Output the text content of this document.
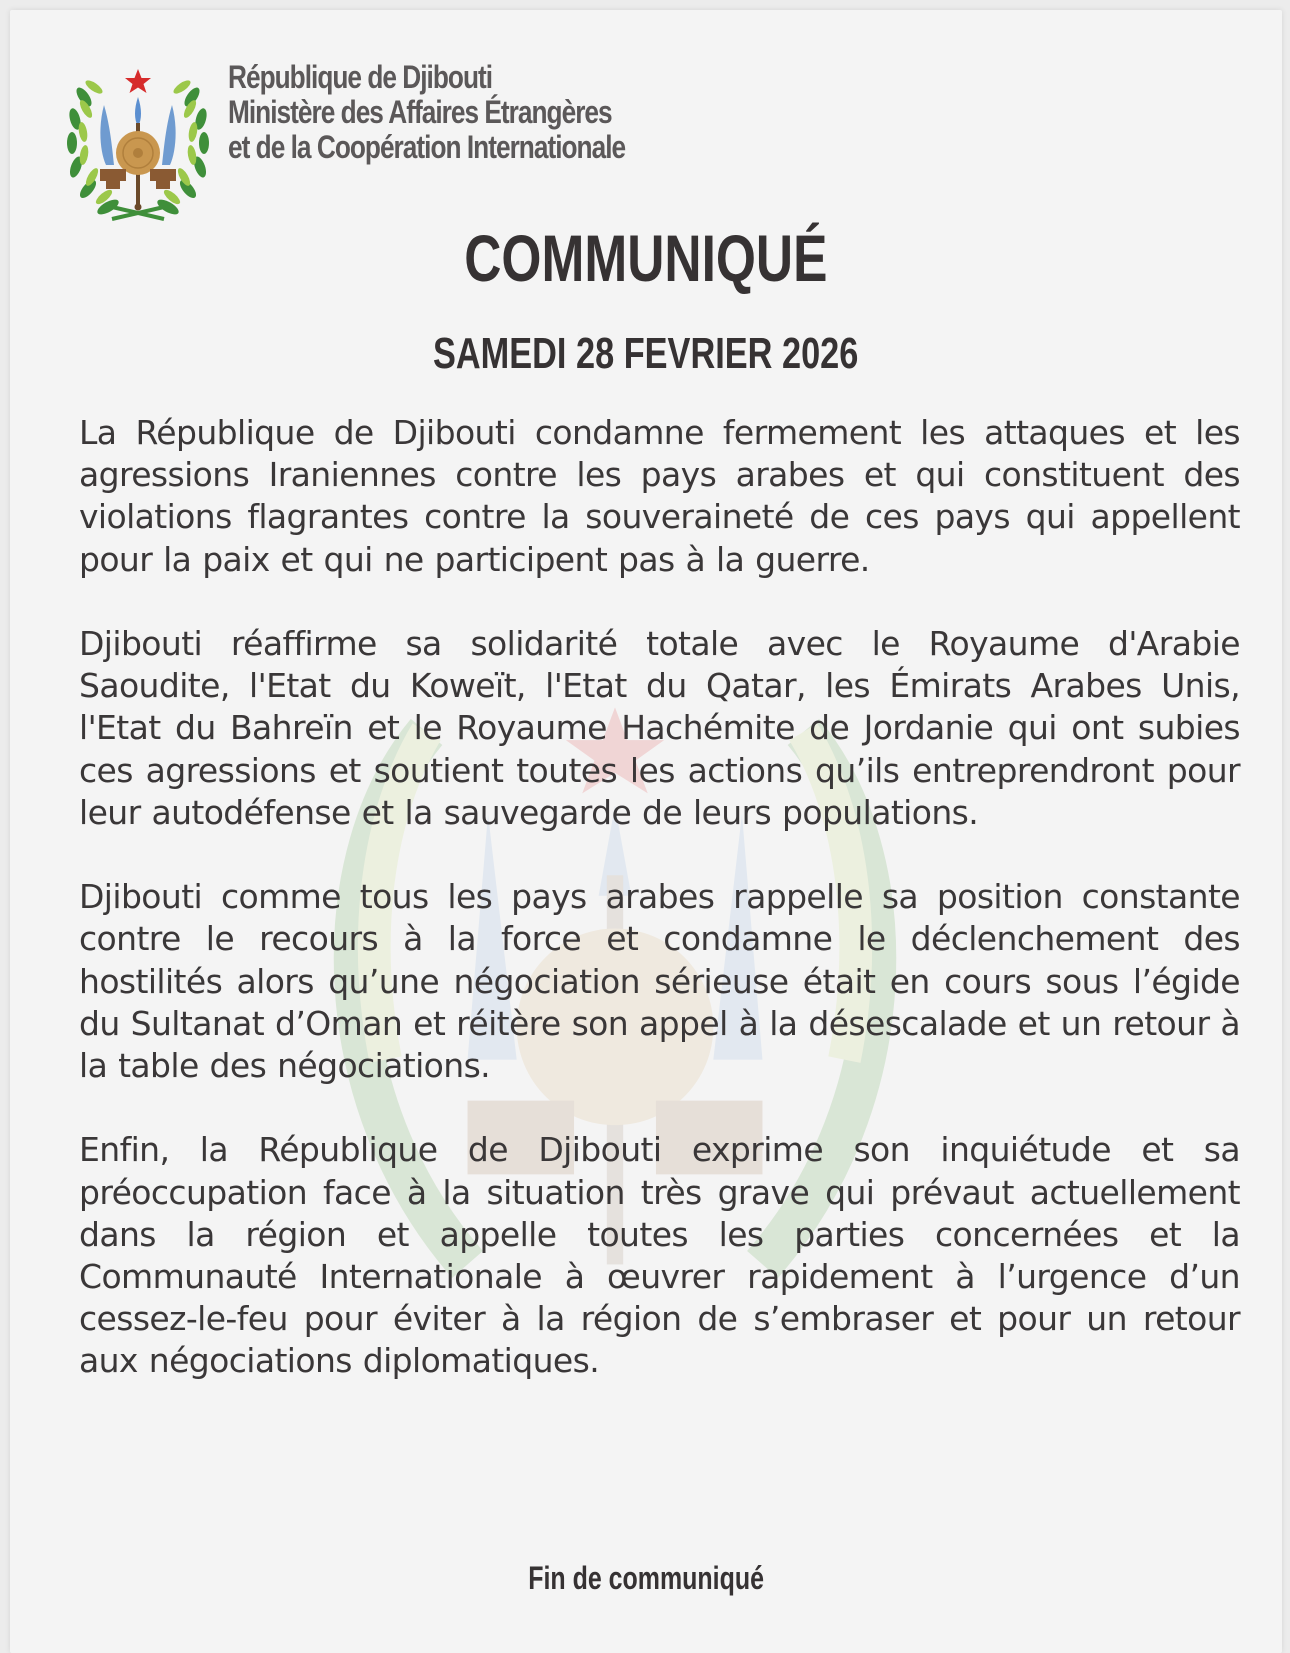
République de Djibouti
Ministère des Affaires Étrangères
et de la Coopération Internationale
COMMUNIQUÉ
SAMEDI 28 FEVRIER 2026

La République de Djibouti condamne fermement les attaques et les agressions Iraniennes contre les pays arabes et qui constituent des violations flagrantes contre la souveraineté de ces pays qui appellent pour la paix et qui ne participent pas à la guerre.

Djibouti réaffirme sa solidarité totale avec le Royaume d'Arabie Saoudite, l'Etat du Koweït, l'Etat du Qatar, les Émirats Arabes Unis, l'Etat du Bahreïn et le Royaume Hachémite de Jordanie qui ont subies ces agressions et soutient toutes les actions qu’ils entreprendront pour leur autodéfense et la sauvegarde de leurs populations.

Djibouti comme tous les pays arabes rappelle sa position constante contre le recours à la force et condamne le déclenchement des hostilités alors qu’une négociation sérieuse était en cours sous l’égide du Sultanat d’Oman et réitère son appel à la désescalade et un retour à la table des négociations.

Enfin, la République de Djibouti exprime son inquiétude et sa préoccupation face à la situation très grave qui prévaut actuellement dans la région et appelle toutes les parties concernées et la Communauté Internationale à œuvrer rapidement à l’urgence d’un cessez-le-feu pour éviter à la région de s’embraser et pour un retour aux négociations diplomatiques.

Fin de communiqué
